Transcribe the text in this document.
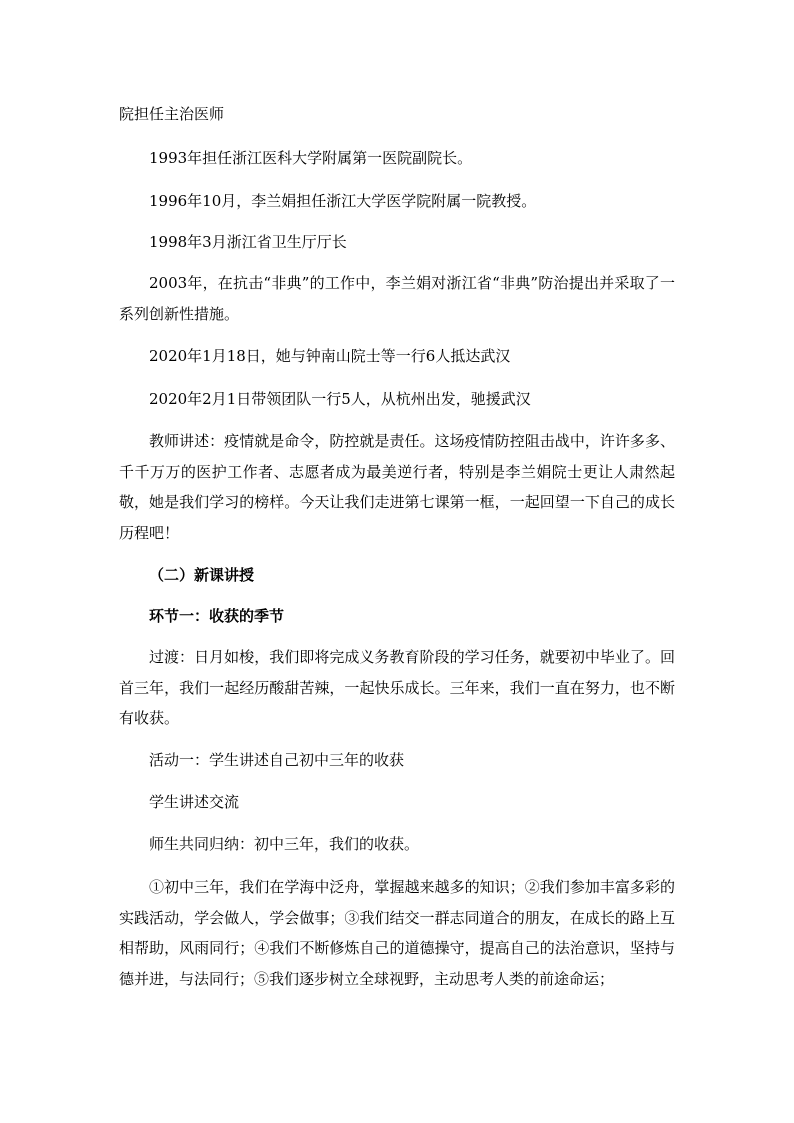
院担任主治医师

1993年担任浙江医科大学附属第一医院副院长。

1996年10月，李兰娟担任浙江大学医学院附属一院教授。

1998年3月浙江省卫生厅厅长

2003年，在抗击“非典”的工作中，李兰娟对浙江省“非典”防治提出并采取了一系列创新性措施。

2020年1月18日，她与钟南山院士等一行6人抵达武汉

2020年2月1日带领团队一行5人，从杭州出发，驰援武汉

教师讲述：疫情就是命令，防控就是责任。这场疫情防控阻击战中，许许多多、千千万万的医护工作者、志愿者成为最美逆行者，特别是李兰娟院士更让人肃然起敬，她是我们学习的榜样。今天让我们走进第七课第一框，一起回望一下自己的成长历程吧！

（二）新课讲授

环节一：收获的季节

过渡：日月如梭，我们即将完成义务教育阶段的学习任务，就要初中毕业了。回首三年，我们一起经历酸甜苦辣，一起快乐成长。三年来，我们一直在努力，也不断有收获。

活动一：学生讲述自己初中三年的收获

学生讲述交流

师生共同归纳：初中三年，我们的收获。

①初中三年，我们在学海中泛舟，掌握越来越多的知识；②我们参加丰富多彩的实践活动，学会做人，学会做事；③我们结交一群志同道合的朋友，在成长的路上互相帮助，风雨同行；④我们不断修炼自己的道德操守，提高自己的法治意识，坚持与德并进，与法同行；⑤我们逐步树立全球视野，主动思考人类的前途命运；
